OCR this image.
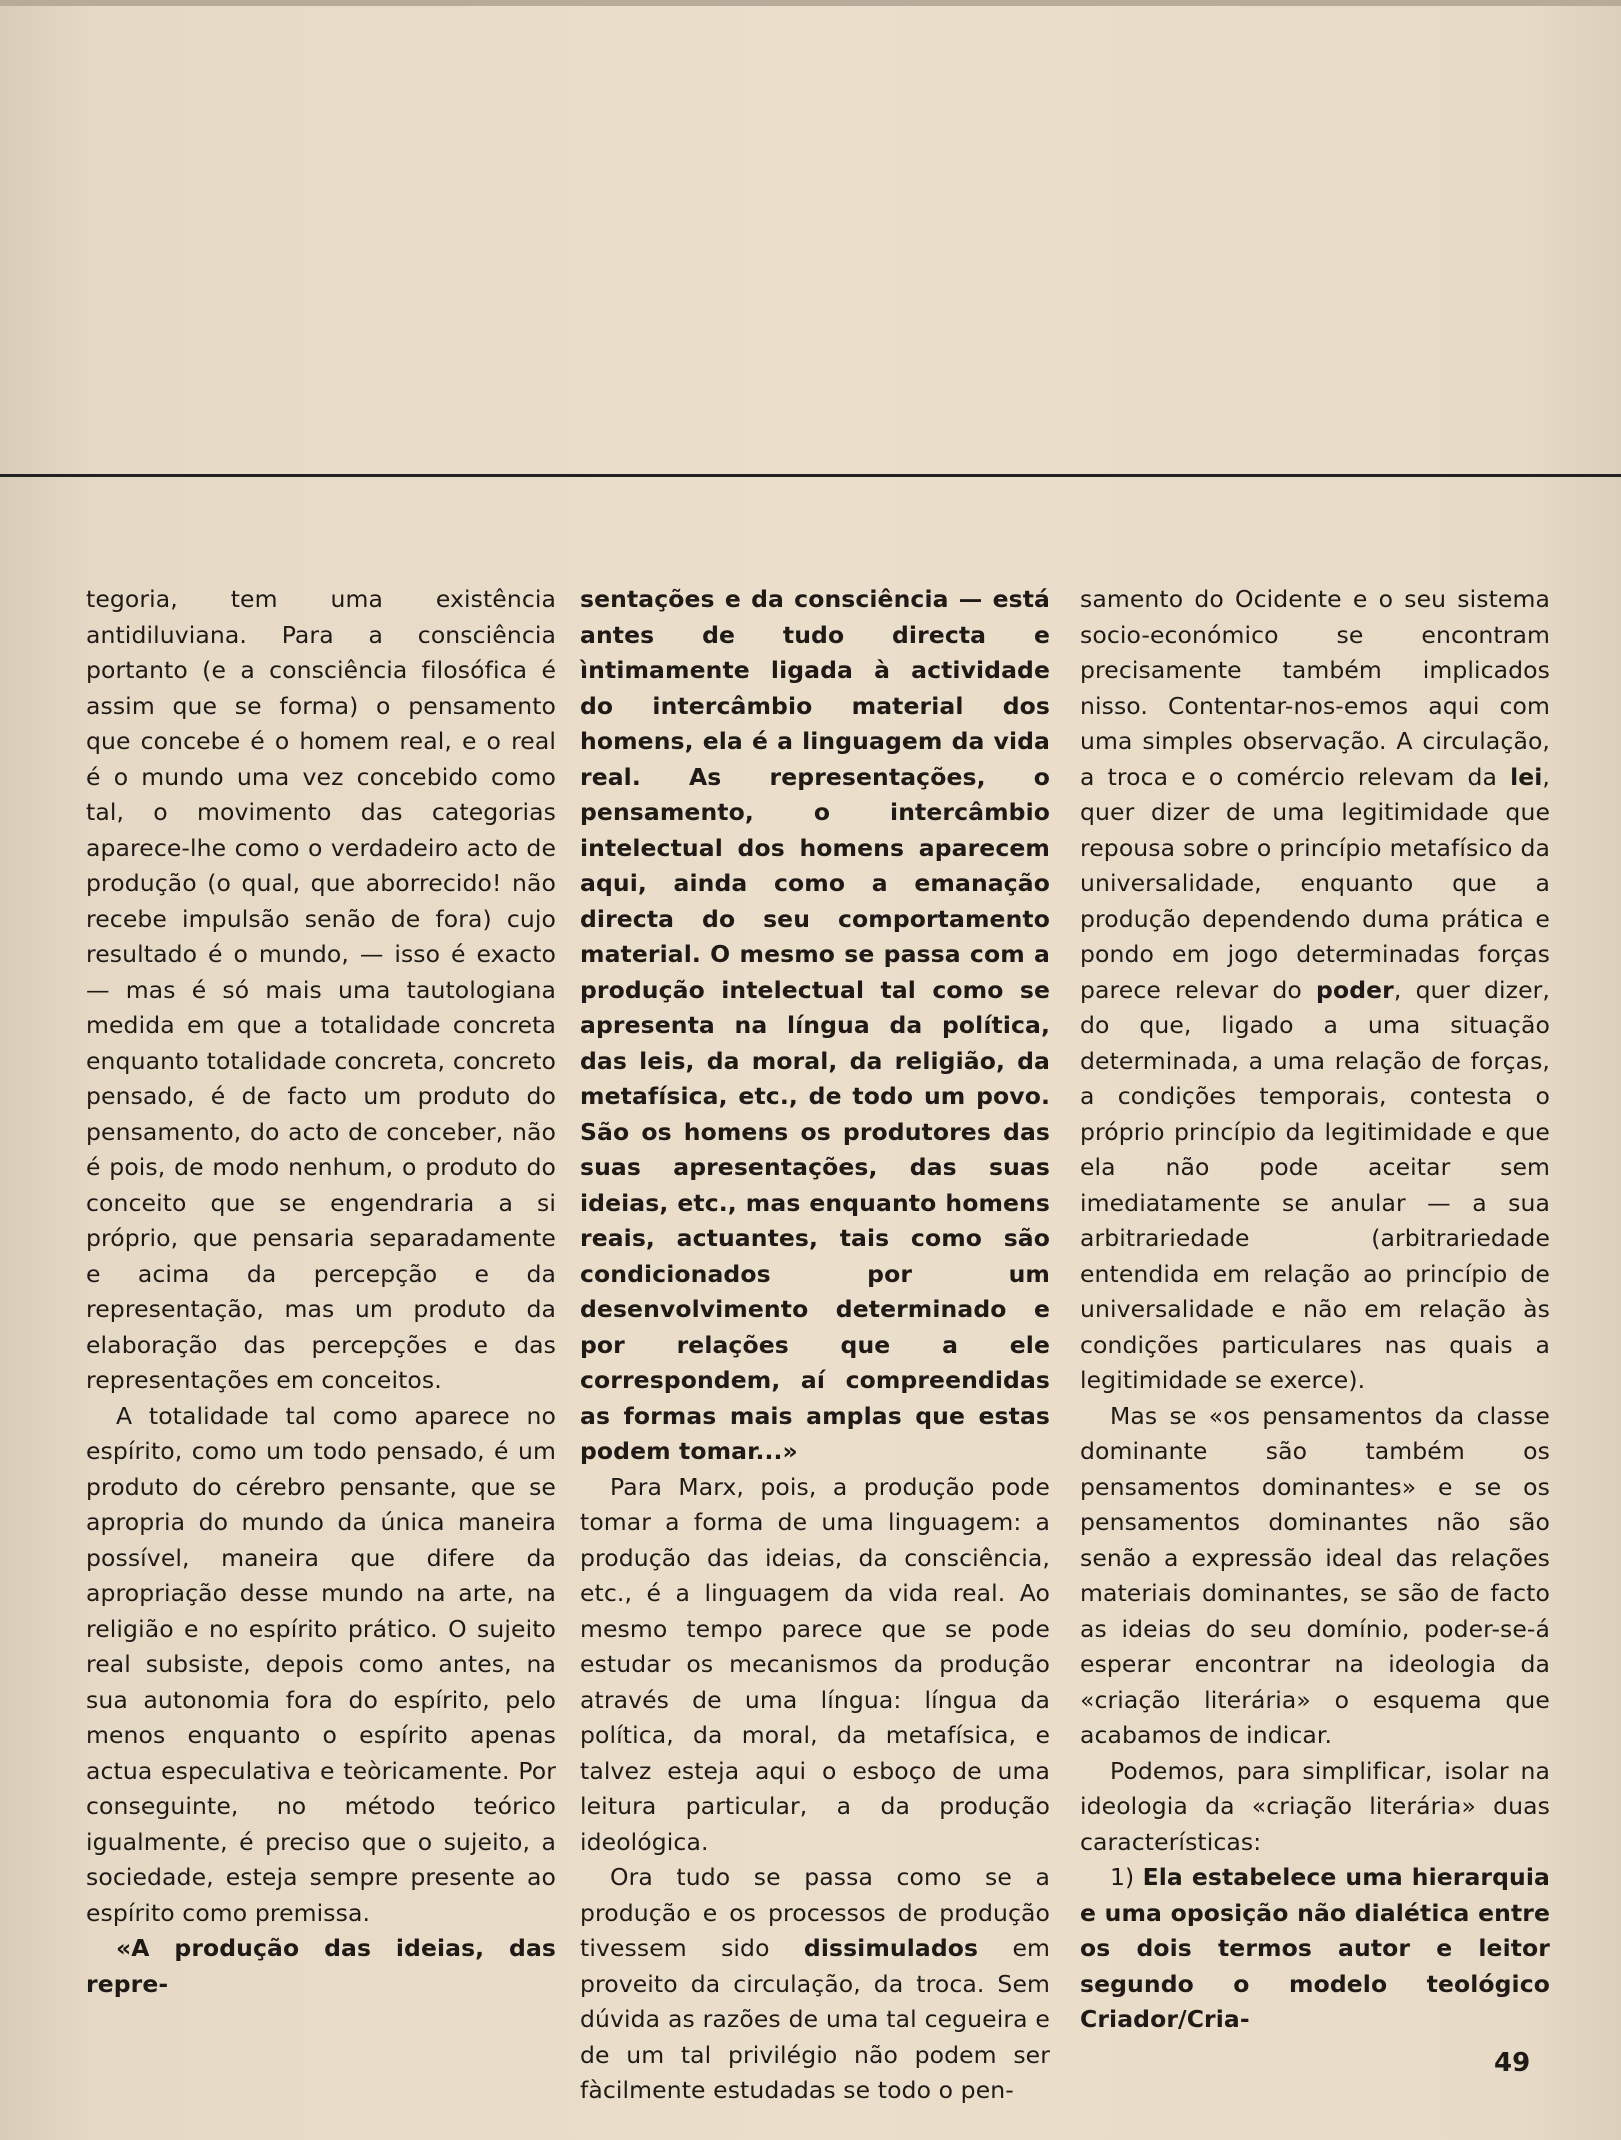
tegoria, tem uma existência antidiluviana. Para a consciência portanto (e a consciência filosófica é assim que se forma) o pensamento que concebe é o homem real, e o real é o mundo uma vez concebido como tal, o movimento das categorias aparece-lhe como o verdadeiro acto de produção (o qual, que aborrecido! não recebe impulsão senão de fora) cujo resultado é o mundo, — isso é exacto — mas é só mais uma tautologiana medida em que a totalidade concreta enquanto totalidade concreta, concreto pensado, é de facto um produto do pensamento, do acto de conceber, não é pois, de modo nenhum, o produto do conceito que se engendraria a si próprio, que pensaria separadamente e acima da percepção e da representação, mas um produto da elaboração das percepções e das representações em conceitos.

A totalidade tal como aparece no espírito, como um todo pensado, é um produto do cérebro pensante, que se apropria do mundo da única maneira possível, maneira que difere da apropriação desse mundo na arte, na religião e no espírito prático. O sujeito real subsiste, depois como antes, na sua autonomia fora do espírito, pelo menos enquanto o espírito apenas actua especulativa e teòricamente. Por conseguinte, no método teórico igualmente, é preciso que o sujeito, a sociedade, esteja sempre presente ao espírito como premissa.

«A produção das ideias, das repre-

sentações e da consciência — está antes de tudo directa e ìntimamente ligada à actividade do intercâmbio material dos homens, ela é a linguagem da vida real. As representações, o pensamento, o intercâmbio intelectual dos homens aparecem aqui, ainda como a emanação directa do seu comportamento material. O mesmo se passa com a produção intelectual tal como se apresenta na língua da política, das leis, da moral, da religião, da metafísica, etc., de todo um povo. São os homens os produtores das suas apresentações, das suas ideias, etc., mas enquanto homens reais, actuantes, tais como são condicionados por um desenvolvimento determinado e por relações que a ele correspondem, aí compreendidas as formas mais amplas que estas podem tomar...»

Para Marx, pois, a produção pode tomar a forma de uma linguagem: a produção das ideias, da consciência, etc., é a linguagem da vida real. Ao mesmo tempo parece que se pode estudar os mecanismos da produção através de uma língua: língua da política, da moral, da metafísica, e talvez esteja aqui o esboço de uma leitura particular, a da produção ideológica.

Ora tudo se passa como se a produção e os processos de produção tivessem sido dissimulados em proveito da circulação, da troca. Sem dúvida as razões de uma tal cegueira e de um tal privilégio não podem ser fàcilmente estudadas se todo o pen-

samento do Ocidente e o seu sistema socio-económico se encontram precisamente também implicados nisso. Contentar-nos-emos aqui com uma simples observação. A circulação, a troca e o comércio relevam da lei, quer dizer de uma legitimidade que repousa sobre o princípio metafísico da universalidade, enquanto que a produção dependendo duma prática e pondo em jogo determinadas forças parece relevar do poder, quer dizer, do que, ligado a uma situação determinada, a uma relação de forças, a condições temporais, contesta o próprio princípio da legitimidade e que ela não pode aceitar sem imediatamente se anular — a sua arbitrariedade (arbitrariedade entendida em relação ao princípio de universalidade e não em relação às condições particulares nas quais a legitimidade se exerce).

Mas se «os pensamentos da classe dominante são também os pensamentos dominantes» e se os pensamentos dominantes não são senão a expressão ideal das relações materiais dominantes, se são de facto as ideias do seu domínio, poder-se-á esperar encontrar na ideologia da «criação literária» o esquema que acabamos de indicar.

Podemos, para simplificar, isolar na ideologia da «criação literária» duas características:

1) Ela estabelece uma hierarquia e uma oposição não dialética entre os dois termos autor e leitor segundo o modelo teológico Criador/Cria-

49
